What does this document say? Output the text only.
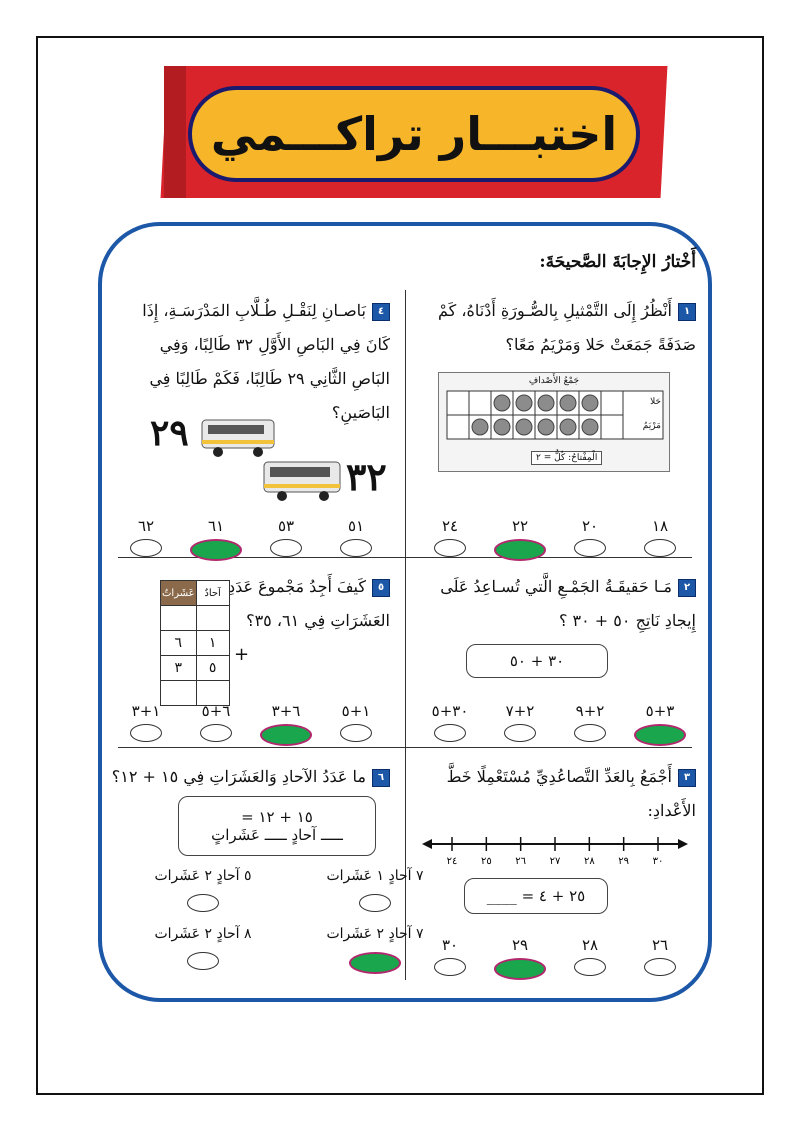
اختبـــار تراكـــمي
أَخْتارُ الإِجابَةَ الصَّحيحَةَ:
١أَنْظُرُ إِلَى التَّمْثيلِ بِالصُّـورَةِ أَدْنَاهُ، كَمْ صَدَفَةً جَمَعَتْ حَلا وَمَرْيَمُ مَعًا؟
جَمْعُ الأَصْدافِ
حَلا
مَرْيَمُ
الْمِفْتاحُ: كُلُّ = ٢
١٨
٢٠
٢٢
٢٤
٢مَـا حَقيقَـةُ الجَمْـعِ الَّتي تُسـاعِدُ عَلَى إِيجادِ نَاتِجِ ٥٠ + ٣٠ ؟
٣٠ + ٥٠
٣+٥
٢+٩
٢+٧
٣٠+٥
٣أَجْمَعُ بِالعَدِّ التَّصاعُدِيِّ مُسْتَعْمِلًا خَطَّ الأَعْدادِ:
٢٤ ٢٥ ٢٦ ٢٧ ٢٨ ٢٩ ٣٠
٢٥ + ٤ = ____
٢٦
٢٨
٢٩
٣٠
٤بَاصـانِ لِنَقْـلِ طُـلَّابِ المَدْرَسَـةِ، إِذَا كَانَ فِي البَاصِ الأَوَّلِ ٣٢ طَالِبًا، وَفِي البَاصِ الثَّانِي ٢٩ طَالِبًا، فَكَمْ طَالِبًا فِي البَاصَينِ؟
٢٩
٣٢
٥١
٥٣
٦١
٦٢
٥كَيفَ أَجِدُ مَجْموعَ عَدَدِ العَشَرَاتِ فِي ٦١، ٣٥؟
عَشَراتٌ	آحادٌ

٦	١
٣	٥

+
١+٥
٦+٣
٦+٥
١+٣
٦ما عَدَدُ الآحادِ وَالعَشَرَاتِ فِي ١٥ + ١٢؟
١٥ + ١٢ =
ـــــ آحادٍ ـــــ عَشَراتٍ
٧ آحادٍ ١ عَشَرات
٥ آحادٍ ٢ عَشَرات
٧ آحادٍ ٢ عَشَرات
٨ آحادٍ ٢ عَشَرات
